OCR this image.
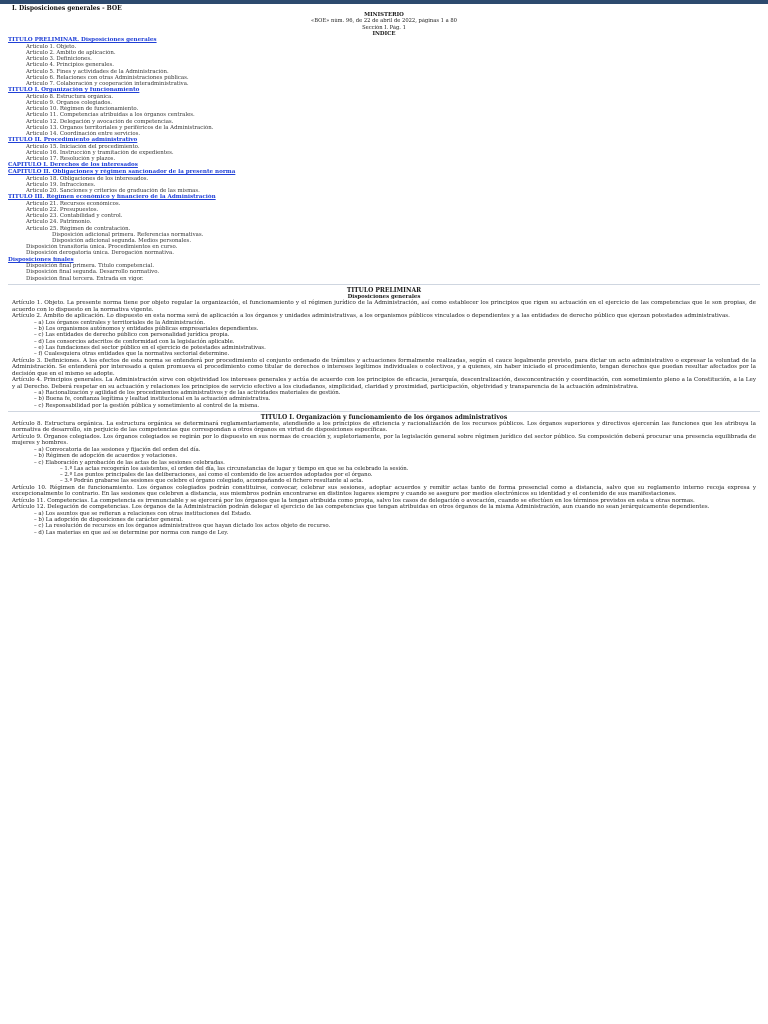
I. Disposiciones generales - BOE
MINISTERIO
«BOE» núm. 96, de 22 de abril de 2022, páginas 1 a 80
Sección I. Pág. 1
ÍNDICE
TÍTULO PRELIMINAR. Disposiciones generales
Artículo 1. Objeto.
Artículo 2. Ámbito de aplicación.
Artículo 3. Definiciones.
Artículo 4. Principios generales.
Artículo 5. Fines y actividades de la Administración.
Artículo 6. Relaciones con otras Administraciones públicas.
Artículo 7. Colaboración y cooperación interadministrativa.
TÍTULO I. Organización y funcionamiento
Artículo 8. Estructura orgánica.
Artículo 9. Órganos colegiados.
Artículo 10. Régimen de funcionamiento.
Artículo 11. Competencias atribuidas a los órganos centrales.
Artículo 12. Delegación y avocación de competencias.
Artículo 13. Órganos territoriales y periféricos de la Administración.
Artículo 14. Coordinación entre servicios.
TÍTULO II. Procedimiento administrativo
Artículo 15. Iniciación del procedimiento.
Artículo 16. Instrucción y tramitación de expedientes.
Artículo 17. Resolución y plazos.
CAPÍTULO I. Derechos de los interesados
CAPÍTULO II. Obligaciones y régimen sancionador de la presente norma
Artículo 18. Obligaciones de los interesados.
Artículo 19. Infracciones.
Artículo 20. Sanciones y criterios de graduación de las mismas.
TÍTULO III. Régimen económico y financiero de la Administración
Artículo 21. Recursos económicos.
Artículo 22. Presupuestos.
Artículo 23. Contabilidad y control.
Artículo 24. Patrimonio.
Artículo 25. Régimen de contratación.
Disposición adicional primera. Referencias normativas.
Disposición adicional segunda. Medios personales.
Disposición transitoria única. Procedimientos en curso.
Disposición derogatoria única. Derogación normativa.
Disposiciones finales
Disposición final primera. Título competencial.
Disposición final segunda. Desarrollo normativo.
Disposición final tercera. Entrada en vigor.
TÍTULO PRELIMINAR
Disposiciones generales
Artículo 1. Objeto. La presente norma tiene por objeto regular la organización, el funcionamiento y el régimen jurídico de la Administración, así como establecer los principios que rigen su actuación en el ejercicio de las competencias que le son propias, de acuerdo con lo dispuesto en la normativa vigente.
Artículo 2. Ámbito de aplicación. Lo dispuesto en esta norma será de aplicación a los órganos y unidades administrativas, a los organismos públicos vinculados o dependientes y a las entidades de derecho público que ejerzan potestades administrativas.
– a) Los órganos centrales y territoriales de la Administración.
– b) Los organismos autónomos y entidades públicas empresariales dependientes.
– c) Las entidades de derecho público con personalidad jurídica propia.
– d) Los consorcios adscritos de conformidad con la legislación aplicable.
– e) Las fundaciones del sector público en el ejercicio de potestades administrativas.
– f) Cualesquiera otras entidades que la normativa sectorial determine.
Artículo 3. Definiciones. A los efectos de esta norma se entenderá por procedimiento el conjunto ordenado de trámites y actuaciones formalmente realizadas, según el cauce legalmente previsto, para dictar un acto administrativo o expresar la voluntad de la Administración. Se entenderá por interesado a quien promueva el procedimiento como titular de derechos o intereses legítimos individuales o colectivos, y a quienes, sin haber iniciado el procedimiento, tengan derechos que puedan resultar afectados por la decisión que en el mismo se adopte.
Artículo 4. Principios generales. La Administración sirve con objetividad los intereses generales y actúa de acuerdo con los principios de eficacia, jerarquía, descentralización, desconcentración y coordinación, con sometimiento pleno a la Constitución, a la Ley y al Derecho. Deberá respetar en su actuación y relaciones los principios de servicio efectivo a los ciudadanos, simplicidad, claridad y proximidad, participación, objetividad y transparencia de la actuación administrativa.
– a) Racionalización y agilidad de los procedimientos administrativos y de las actividades materiales de gestión.
– b) Buena fe, confianza legítima y lealtad institucional en la actuación administrativa.
– c) Responsabilidad por la gestión pública y sometimiento al control de la misma.
TÍTULO I. Organización y funcionamiento de los órganos administrativos
Artículo 8. Estructura orgánica. La estructura orgánica se determinará reglamentariamente, atendiendo a los principios de eficiencia y racionalización de los recursos públicos. Los órganos superiores y directivos ejercerán las funciones que les atribuya la normativa de desarrollo, sin perjuicio de las competencias que correspondan a otros órganos en virtud de disposiciones específicas.
Artículo 9. Órganos colegiados. Los órganos colegiados se regirán por lo dispuesto en sus normas de creación y, supletoriamente, por la legislación general sobre régimen jurídico del sector público. Su composición deberá procurar una presencia equilibrada de mujeres y hombres.
– a) Convocatoria de las sesiones y fijación del orden del día.
– b) Régimen de adopción de acuerdos y votaciones.
– c) Elaboración y aprobación de las actas de las sesiones celebradas.
– 1.º Las actas recogerán los asistentes, el orden del día, las circunstancias de lugar y tiempo en que se ha celebrado la sesión.
– 2.º Los puntos principales de las deliberaciones, así como el contenido de los acuerdos adoptados por el órgano.
– 3.º Podrán grabarse las sesiones que celebre el órgano colegiado, acompañando el fichero resultante al acta.
Artículo 10. Régimen de funcionamiento. Los órganos colegiados podrán constituirse, convocar, celebrar sus sesiones, adoptar acuerdos y remitir actas tanto de forma presencial como a distancia, salvo que su reglamento interno recoja expresa y excepcionalmente lo contrario. En las sesiones que celebren a distancia, sus miembros podrán encontrarse en distintos lugares siempre y cuando se asegure por medios electrónicos su identidad y el contenido de sus manifestaciones.
Artículo 11. Competencias. La competencia es irrenunciable y se ejercerá por los órganos que la tengan atribuida como propia, salvo los casos de delegación o avocación, cuando se efectúen en los términos previstos en esta u otras normas.
Artículo 12. Delegación de competencias. Los órganos de la Administración podrán delegar el ejercicio de las competencias que tengan atribuidas en otros órganos de la misma Administración, aun cuando no sean jerárquicamente dependientes.
– a) Los asuntos que se refieran a relaciones con otras instituciones del Estado.
– b) La adopción de disposiciones de carácter general.
– c) La resolución de recursos en los órganos administrativos que hayan dictado los actos objeto de recurso.
– d) Las materias en que así se determine por norma con rango de Ley.
